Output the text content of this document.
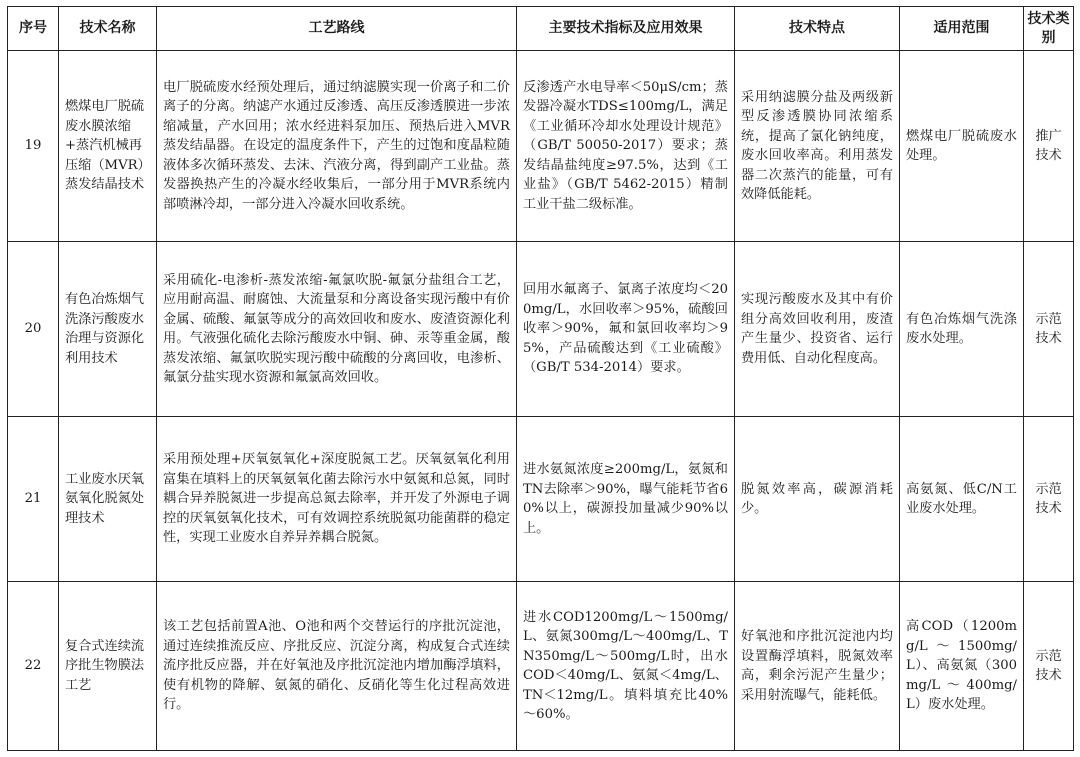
序号	技术名称	工艺路线	主要技术指标及应用效果	技术特点	适用范围	技术类别
19	燃煤电厂脱硫废水膜浓缩+蒸汽机械再压缩（MVR）蒸发结晶技术	电厂脱硫废水经预处理后，通过纳滤膜实现一价离子和二价离子的分离。纳滤产水通过反渗透、高压反渗透膜进一步浓缩减量，产水回用；浓水经进料泵加压、预热后进入MVR蒸发结晶器。在设定的温度条件下，产生的过饱和度晶粒随液体多次循环蒸发、去沫、汽液分离，得到副产工业盐。蒸发器换热产生的冷凝水经收集后，一部分用于MVR系统内部喷淋冷却，一部分进入冷凝水回收系统。	反渗透产水电导率＜50μS/cm；蒸发器冷凝水TDS≤100mg/L，满足《工业循环冷却水处理设计规范》（GB/T 50050-2017）要求；蒸发结晶盐纯度≥97.5%，达到《工业盐》（GB/T 5462-2015）精制工业干盐二级标准。	采用纳滤膜分盐及两级新型反渗透膜协同浓缩系统，提高了氯化钠纯度，废水回收率高。利用蒸发器二次蒸汽的能量，可有效降低能耗。	燃煤电厂脱硫废水处理。	推广技术
20	有色冶炼烟气洗涤污酸废水治理与资源化利用技术	采用硫化-电渗析-蒸发浓缩-氟氯吹脱-氟氯分盐组合工艺，应用耐高温、耐腐蚀、大流量泵和分离设备实现污酸中有价金属、硫酸、氟氯等成分的高效回收和废水、废渣资源化利用。气液强化硫化去除污酸废水中铜、砷、汞等重金属，酸蒸发浓缩、氟氯吹脱实现污酸中硫酸的分离回收，电渗析、氟氯分盐实现水资源和氟氯高效回收。	回用水氟离子、氯离子浓度均＜200mg/L，水回收率＞95%，硫酸回收率＞90%，氟和氯回收率均＞95%，产品硫酸达到《工业硫酸》（GB/T 534-2014）要求。	实现污酸废水及其中有价组分高效回收利用，废渣产生量少、投资省、运行费用低、自动化程度高。	有色冶炼烟气洗涤废水处理。	示范技术
21	工业废水厌氧氨氧化脱氮处理技术	采用预处理+厌氧氨氧化+深度脱氮工艺。厌氧氨氧化利用富集在填料上的厌氧氨氧化菌去除污水中氨氮和总氮，同时耦合异养脱氮进一步提高总氮去除率，并开发了外源电子调控的厌氧氨氧化技术，可有效调控系统脱氮功能菌群的稳定性，实现工业废水自养异养耦合脱氮。	进水氨氮浓度≥200mg/L，氨氮和TN去除率＞90%，曝气能耗节省60%以上，碳源投加量减少90%以上。	脱氮效率高，碳源消耗少。	高氨氮、低C/N工业废水处理。	示范技术
22	复合式连续流序批生物膜法工艺	该工艺包括前置A池、O池和两个交替运行的序批沉淀池，通过连续推流反应、序批反应、沉淀分离，构成复合式连续流序批反应器，并在好氧池及序批沉淀池内增加酶浮填料，使有机物的降解、氨氮的硝化、反硝化等生化过程高效进行。	进水COD1200mg/L～1500mg/L、氨氮300mg/L～400mg/L、TN350mg/L～500mg/L时，出水COD＜40mg/L、氨氮＜4mg/L、TN＜12mg/L。填料填充比40%～60%。	好氧池和序批沉淀池内均设置酶浮填料，脱氮效率高，剩余污泥产生量少；采用射流曝气，能耗低。	高COD（1200mg/L～1500mg/L）、高氨氮（300mg/L～400mg/L）废水处理。	示范技术
